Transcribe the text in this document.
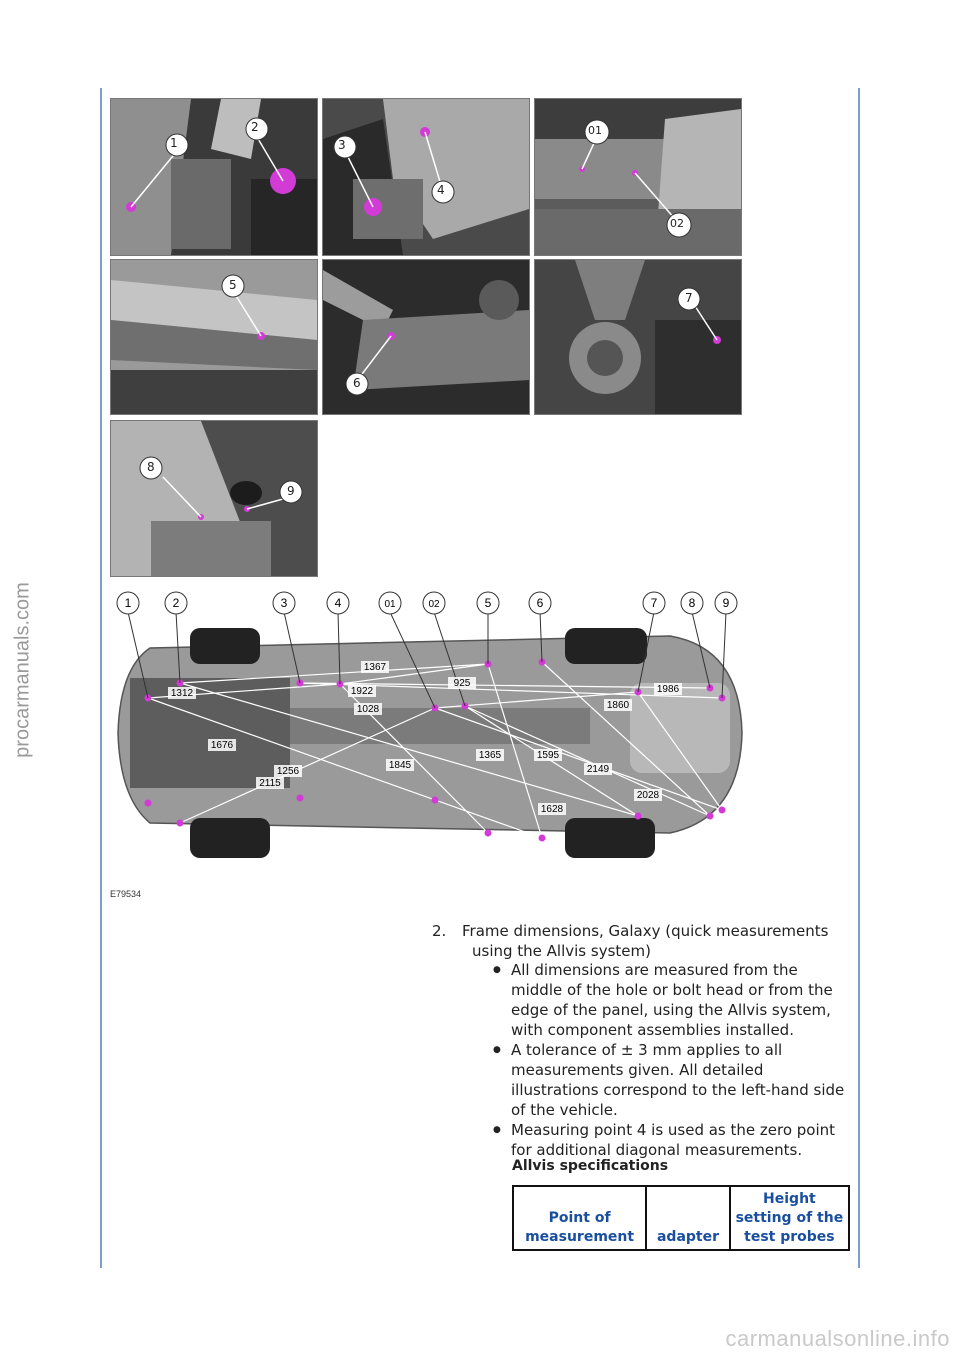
procarmanuals.com
1
2
3
4
01
02
5
6
7
8
9
1	2	3	4	01	02	5	6	7	8 9
1367
1312	1922
925
1028
1986
1860
1676
1256
1845
1365	1595
2149
2115
2028
1628
E79534
2. Frame dimensions, Galaxy (quick measurements
using the Allvis system)
● All dimensions are measured from the middle of the hole or bolt head or from the edge of the panel, using the Allvis system, with component assemblies installed.
● A tolerance of ± 3 mm applies to all measurements given. All detailed illustrations correspond to the left-hand side of the vehicle.
● Measuring point 4 is used as the zero point for additional diagonal measurements.
Allvis specifications
Point of measurement	adapter	Height setting of the test probes
carmanualsonline.info
